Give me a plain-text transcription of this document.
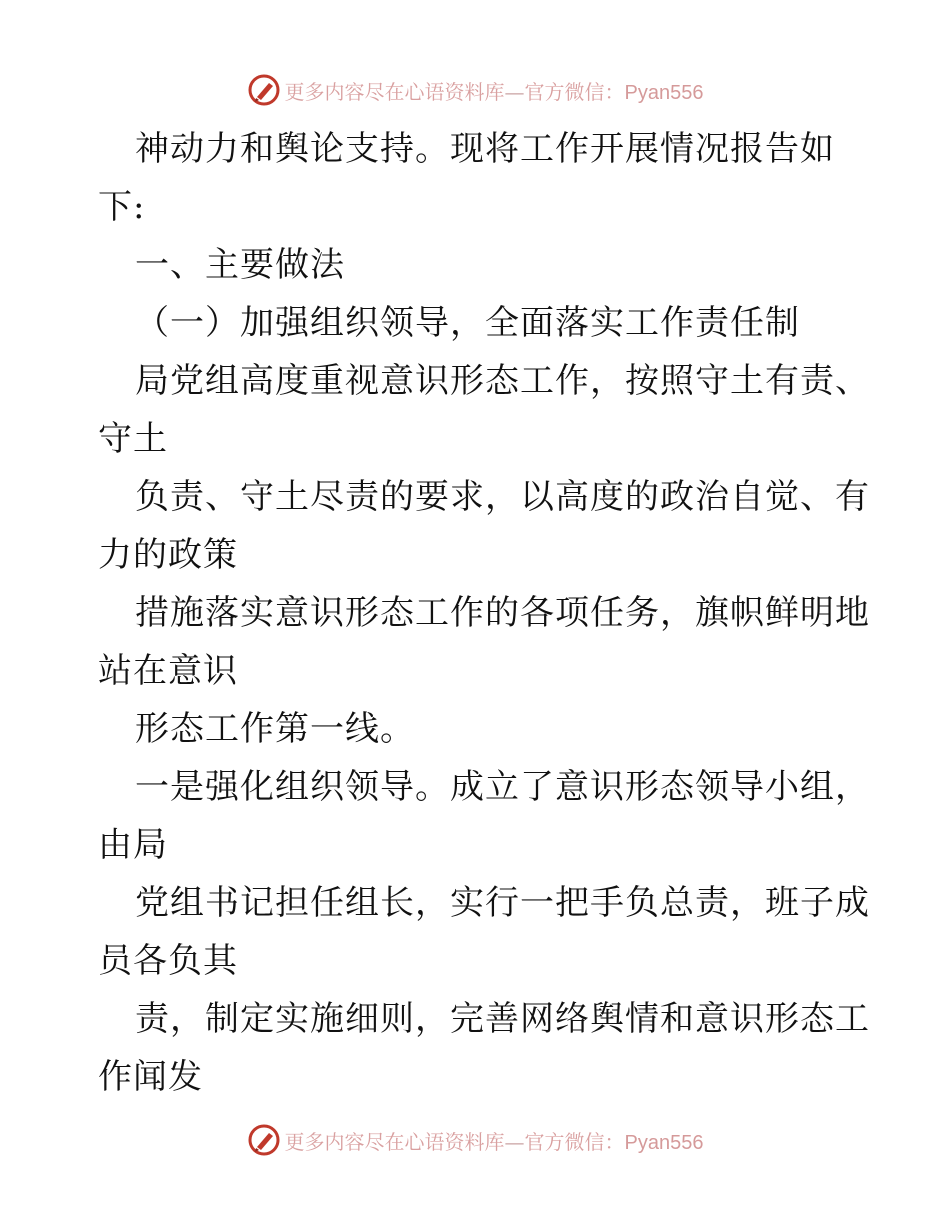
更多内容尽在心语资料库—官方微信：Pyan556
神动力和舆论支持。现将工作开展情况报告如
下:
一、主要做法
（一）加强组织领导，全面落实工作责任制
局党组高度重视意识形态工作，按照守土有责、
守土
负责、守土尽责的要求，以高度的政治自觉、有
力的政策
措施落实意识形态工作的各项任务，旗帜鲜明地
站在意识
形态工作第一线。
一是强化组织领导。成立了意识形态领导小组，
由局
党组书记担任组长，实行一把手负总责，班子成
员各负其
责，制定实施细则，完善网络舆情和意识形态工
作闻发
更多内容尽在心语资料库—官方微信：Pyan556
